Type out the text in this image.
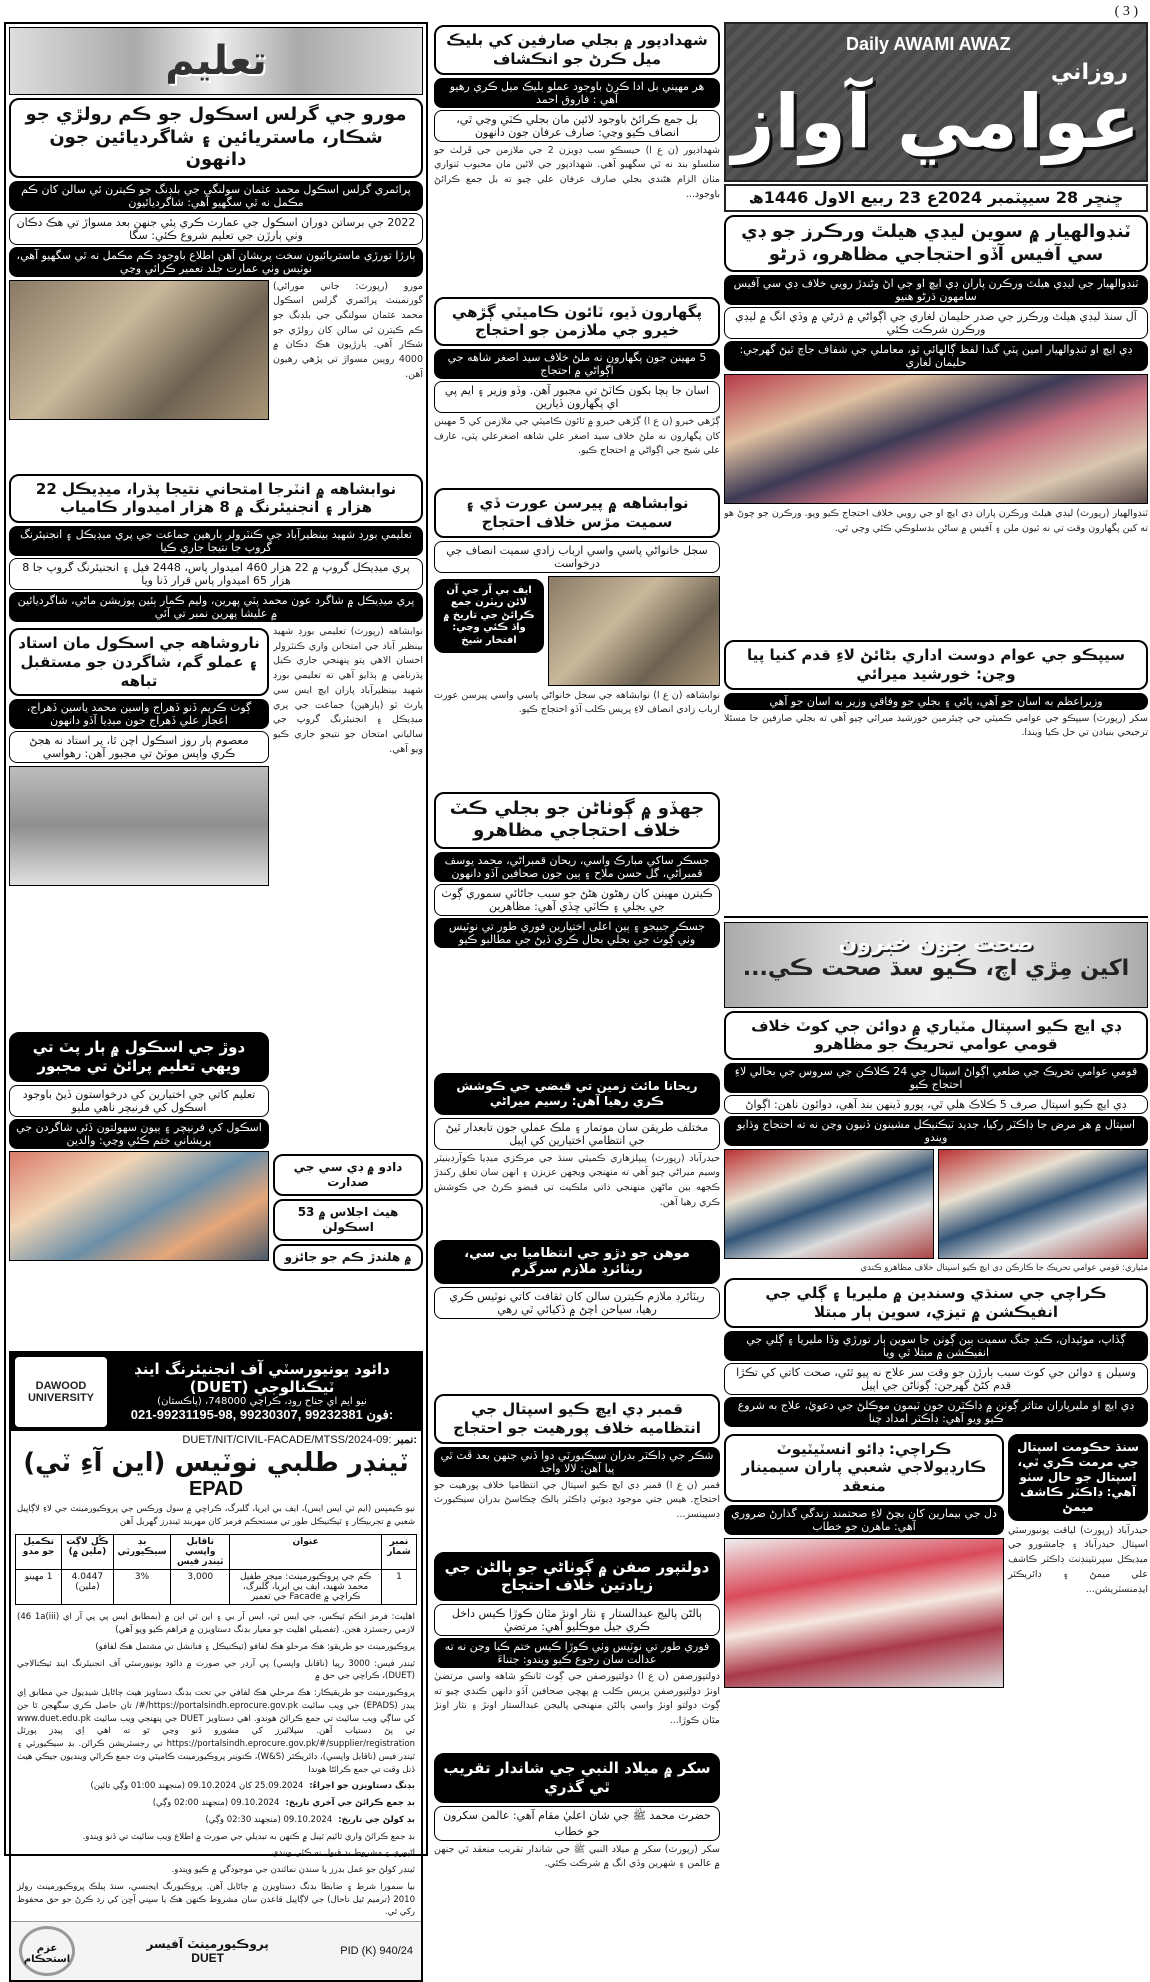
( 3 )
Daily AWAMI AWAZ
روزاني
عوامي آواز
ڇنڇر 28 سيپٽمبر 2024ع 23 ربيع الاول 1446ھ
ٽنڊوالهيار ۾ سوين ليڊي هيلٿ ورڪرز جو ڊي سي آفيس آڏو احتجاجي مظاهرو، ڌرڻو
ٽنڊوالهيار جي ليڊي هيلٿ ورڪرن پاران ڊي ايڇ او جي اڻ وڻندڙ رويي خلاف ڊي سي آفيس سامهون ڌرڻو هنيو
آل سنڌ ليڊي هيلٿ ورڪرز جي صدر حليمان لغاري جي اڳواڻي ۾ ڌرڻي ۾ وڏي انگ ۾ ليڊي ورڪرن شرڪت ڪئي
ڊي ايڇ او ٽنڊوالهيار امين پٽي گندا لفظ ڳالهائي ٿو، معاملي جي شفاف جاچ ٿيڻ گهرجي: حليمان لغاري
ٽنڊوالهيار (رپورٽ) ليڊي هيلٿ ورڪرن پاران ڊي ايڇ او جي رويي خلاف احتجاج ڪيو ويو. ورڪرن جو چوڻ هو ته کين پگهارون وقت تي نه ٿيون ملن ۽ آفيس ۾ ساڻن بدسلوڪي ڪئي وڃي ٿي.
سيپڪو جي عوام دوست اداري بڻائڻ لاءِ قدم کنيا پيا وڃن: خورشيد ميرائي
وزيراعظم به اسان جو آهي، پاڻي ۽ بجلي جو وفاقي وزير به اسان جو آهي
سکر (رپورٽ) سيپڪو جي عوامي ڪميٽي جي چيئرمين خورشيد ميرائي چيو آهي ته بجلي صارفين جا مسئلا ترجيحي بنيادن تي حل ڪيا ويندا.
صحت جون خبرون
اکين مِڙي اچ، ڪيو سڌ صحت ڪي...
ڊي ايڇ ڪيو اسپتال مٽياري ۾ دوائن جي کوٽ خلاف قومي عوامي تحريڪ جو مظاهرو
قومي عوامي تحريڪ جي ضلعي اڳواڻ اسپتال جي 24 ڪلاڪن جي سروس جي بحالي لاءِ احتجاج ڪيو
ڊي ايڇ ڪيو اسپتال صرف 5 ڪلاڪ هلي ٿي، پورو ڏينهن بند آهي، دوائون ناهن: اڳواڻ
اسپتال ۾ هر مرض جا ڊاڪٽر رکيا، جديد ٽيڪنيڪل مشينون ڏنيون وڃن نه ته احتجاج وڌايو ويندو
مٽياري: قومي عوامي تحريڪ جا ڪارڪن ڊي ايڇ ڪيو اسپتال خلاف مظاهرو ڪندي
ڪراچي جي سنڌي وسندين ۾ مليريا ۽ ڳلي جي انفيڪشن ۾ تيزي، سوين ٻار مبتلا
ڳڏاپ، موئيدان، ڪنڊ جنگ سميت ٻين ڳوٺن جا سوين ٻار تورڙي وڏا مليريا ۽ ڳلي جي انفيڪشن ۾ مبتلا ٿي ويا
وسيلن ۽ دوائن جي کوٽ سبب ٻارڙن جو وقت سر علاج نه پيو ٿئي، صحت کاتي کي تڪڙا قدم کڻڻ گهرجن: ڳوٺاڻن جي اپيل
ڊي ايڇ او مليرپاران متاثر ڳوٺن ۾ ڊاڪٽرن جون ٽيمون موڪلڻ جي دعويٰ، علاج به شروع ڪيو ويو آهي: ڊاڪٽر امداد چنا
سنڌ حڪومت اسپتال جي مرمت ڪري ٿي، اسپتال جو حال سٺو آهي: ڊاڪٽر ڪاشف ميمڻ
حيدرآباد (رپورٽ) لياقت يونيورسٽي اسپتال حيدرآباد ۽ ڄامشورو جي ميڊيڪل سپرنٽينڊنٽ ڊاڪٽر ڪاشف علي ميمڻ ۽ ڊائريڪٽر ايڊمنسٽريشن...
ڪراچي: ڊائو انسٽيٽيوٽ ڪارڊيولاجي شعبي پاران سيمينار منعقد
دل جي بيمارين کان بچڻ لاءِ صحتمند زندگي گذارڻ ضروري آهي: ماهرن جو خطاب
شهدادپور ۾ بجلي صارفين کي بليڪ ميل ڪرڻ جو انڪشاف
هر مهيني بل ادا ڪرڻ باوجود عملو بليڪ ميل ڪري رهيو آهي : فاروق احمد
بل جمع ڪرائڻ باوجود لائين مان بجلي ڪٽي وڃي ٿي، انصاف ڪيو وڃي: صارف عرفان جون دانهون
شهدادپور (ن ع ا) حيسڪو سب ڊويزن 2 جي ملازمن جي ڦرلٽ جو سلسلو بند نه ٿي سگهيو آهي. شهدادپور جي لائين مان محبوب ٽنواري مٺان الزام هڻندي بجلي صارف عرفان علي چيو ته بل جمع ڪرائڻ باوجود...
پگهارون ڏيو، ٽائون ڪاميٽي ڳڙهي خيرو جي ملازمن جو احتجاج
5 مهينن جون پگهارون نه ملڻ خلاف سيد اصغر شاهه جي اڳواڻي ۾ احتجاج
اسان جا ٻچا بکون ڪاٽڻ تي مجبور آهن. وڏو وزير ۽ ايم پي اي پگهارون ڏيارين
ڳڙهي خيرو (ن ع ا) ڳڙهي خيرو ۾ ٽائون ڪاميٽي جي ملازمن کي 5 مهينن کان پگهارون نه ملڻ خلاف سيد اصغر علي شاهه اصغرعلي پٽي، عارف علي شيخ جي اڳواڻي ۾ احتجاج ڪيو.
نوابشاهه ۾ پيرسن عورت ڏي ۽ سميت مڙس خلاف احتجاج
سجل خانواڻي پاسي واسي ارباب زادي سميت انصاف جي درخواست
ايف بي آر جي آن لائن ريٽرن جمع ڪرائڻ جي تاريخ ۾ واڌ ڪئي وڃي: افتخار شيخ
نوابشاهه (ن ع ا) نوابشاهه جي سجل خانواڻي پاسي واسي پيرسن عورت ارباب زادي انصاف لاءِ پريس ڪلب آڏو احتجاج ڪيو.
جهڏو ۾ ڳوٺاڻن جو بجلي ڪٽ خلاف احتجاجي مظاهرو
جسڪر ساکي مبارڪ واسي، ريحان قمبراڻي، محمد يوسف قمبراڻي، گل حسن ملاح ۽ ٻين جون صحافين آڏو دانهون
ڪيترن مهينن کان رهڻون هڻڻ جو سبب جاڻائي سموري ڳوٺ جي بجلي ۽ ڪاٽي ڇڏي آهي: مظاهرين
جسڪر جبيجو ۽ ٻين اعلى اختيارين فوري طور تي نوٽيس وٺي ڳوٺ جي بجلي بحال ڪري ڏيڻ جي مطالبو ڪيو
ريحانا مائٽ زمين تي قبضي جي ڪوشش ڪري رهيا آهن: رسيم ميراڻي
مختلف طريقن سان موتمار ۽ ملڪ عملي جون تابعدار ٿيڻ جي انتظامي اختيارين کي اپيل
حيدرآباد (رپورٽ) پيپلزهاري ڪميٽي سنڌ جي مرڪزي ميڊيا ڪوآرڊينيٽر وسيم ميراڻي چيو آهي ته منهنجي ويجهن عزيزن ۽ انهن سان تعلق رکندڙ ڪجهه ٻين ماڻهن منهنجي ذاتي ملڪيت تي قبضو ڪرڻ جي ڪوشش ڪري رهيا آهن.
موهن جو دڙو جي انتظاميا بي سي، ريٽائرڊ ملازم سرگرم
ريٽائرڊ ملازم ڪيترن سالن کان ثقافت کاتي نوٽيس ڪري رهيا، سياحن اچڻ ۾ ڏکيائي ٿي رهي
قمبر ڊي ايڇ ڪيو اسپتال جي انتظاميه خلاف پورهيت جو احتجاج
شڪر جي ڊاڪٽر بدران سيڪيورٽي دوا ڏني جنهن بعد ڦٽ ٿي پيا آهن: لالا واجد
قمبر (ن ع ا) قمبر ڊي ايڇ ڪيو اسپتال جي انتظاميا خلاف پورهيت جو احتجاج. هيس جتي موجود ڊيوٽي ڊاڪٽر ٻالڪ چڪاسڻ بدران سيڪيورٽ ڊسپينسر...
دولتپور صفن ۾ ڳوٺاڻي جو ٻالڻن جي زيادتين خلاف احتجاج
ٻالڻن پاليج عبدالستار ۽ نثار اونڙ مٿان ڪوڙا ڪيس داخل ڪري جيل موڪليو آهي: مرتضيٰ
فوري طور تي نوٽيس وٺي ڪوڙا ڪيس ختم ڪيا وڃن نه ته عدالت سان رجوع ڪيو ويندو: جتناءَ
دولتپورصفن (ن ع ا) دولتپورصفن جي ڳوٺ ٽانڪو شاهه واسي مرتضيٰ اونڙ دولتپورصفن پريس ڪلب ۾ پهچي صحافين آڏو دانهن ڪندي چيو ته ڳوٺ دولتو اونڙ واسي ٻالڻن منهنجي پاليجن عبدالستار اونڙ ۽ نثار اونڙ مٿان ڪوڙا...
سکر ۾ ميلاد النبي جي شاندار تقريب ٿي گذري
حضرت محمد ﷺ جي شان اعليٰ مقام آهي: عالمن سکرون جو خطاب
سکر (رپورٽ) سکر ۾ ميلاد النبي ﷺ جي شاندار تقريب منعقد ٿي جنهن ۾ عالمن ۽ شهرين وڏي انگ ۾ شرڪت ڪئي.
تعليم
مورو جي گرلس اسڪول جو ڪم رولڙي جو شڪار، ماستريائين ۽ شاگرديائين جون دانهون
پرائمري گرلس اسڪول محمد عثمان سولنگي جي بلڊنگ جو ڪيترن ئي سالن کان ڪم مڪمل نه ٿي سگهيو آهي: شاگرديائيون
2022 جي برساتن دوران اسڪول جي عمارت ڪري پئي جنهن بعد مسواڙ تي هڪ دڪان وٺي ٻارڙن جي تعليم شروع ڪئي: سگا
ٻارڙا تورڙي ماستريائيون سخت پريشان آهن اطلاع باوجود ڪم مڪمل نه ٿي سگهيو آهي، نوٽيس وٺي عمارت جلد تعمير ڪرائي وڃي
مورو (رپورٽ: جاني مورائي) گورنمينٽ پرائمري گرلس اسڪول محمد عثمان سولنگي جي بلڊنگ جو ڪم ڪيترن ئي سالن کان رولڙي جو شڪار آهي. ٻارڙيون هڪ دڪان ۾ 4000 روپين مسواڙ تي پڙهي رهيون آهن.
نوابشاهه ۾ انٽرجا امتحاني نتيجا پڌرا، ميڊيڪل 22 هزار ۽ انجنيئرنگ ۾ 8 هزار اميدوار ڪامياب
تعليمي بورڊ شهيد بينظيرآباد جي ڪنٽرولر ٻارهين جماعت جي پري ميڊيڪل ۽ انجنيئرنگ گروپ جا نتيجا جاري ڪيا
پري ميڊيڪل گروپ ۾ 22 هزار 460 اميدوار پاس، 2448 فيل ۽ انجنيئرنگ گروپ جا 8 هزار 65 اميدوار پاس قرار ڏنا ويا
پري ميڊيڪل ۾ شاگرد عون محمد پٽي پهرين، وليم ڪمار ٻئين پوزيشن ماڻي، شاگرديائين ۾ عليشا پهرين نمبر تي آئي
نوابشاهه (رپورٽ) تعليمي بورڊ شهيد بينظير آباد جي امتحانن واري ڪنٽرولر احسان الاهي پتو پنهنجي جاري ڪيل پڌرنامي ۾ ٻڌايو آهي ته تعليمي بورڊ شهيد بينظيرآباد پاران ايڇ ايس سي پارٽ ٽو (ٻارهين) جماعت جي پري ميڊيڪل ۽ انجنيئرنگ گروپ جي سالياني امتحان جو نتيجو جاري ڪيو ويو آهي.
ناروشاهه جي اسڪول مان استاد ۽ عملو گم، شاگردن جو مستقبل تباهه
ڳوٺ ڪريم ڏنو ڏهراج واسين محمد ياسين ڏهراج، اعجاز علي ڏهراج جون ميڊيا آڏو دانهون
معصوم ٻار روز اسڪول اچن ٿا، پر استاد نه هجڻ ڪري واپس موٽڻ تي مجبور آهن: رهواسي
دوڙ جي اسڪول ۾ ٻار پٽ تي ويهي تعليم پرائڻ تي مجبور
تعليم کاتي جي اختيارين کي درخواستون ڏيڻ باوجود اسڪول کي فرنيچر ناهي مليو
اسڪول کي فرنيچر ۽ ٻيون سهولتون ڏئي شاگردن جي پريشاني ختم ڪئي وڃي: والدين
دادو ۾ ڊي سي جي صدارت
هيٺ اجلاس ۾ 53 اسڪولن
۾ هلندڙ ڪم جو جائزو
DAWOOD UNIVERSITY
دائود يونيورسٽي آف انجنيئرنگ اينڊ ٽيڪنالوجي (DUET)
نيو ايم اي جناح روڊ، ڪراچي 748000، (پاڪستان)
021-99231195-98, 99230307, 99232381 فون:
DUET/NIT/CIVIL-FACADE/MTSS/2024-09: نمبر:
ٽينڊر طلبي نوٽيس (اين آءِ ٽي)
EPAD
نيو ڪيمپس (ايم ٽي ايس ايس)، ايف بي ايريا، گلبرگ، ڪراچي ۾ سول ورڪس جي پروڪيورمينٽ جي لاءِ لاڳاپيل شعبي ۾ تجربيڪار ۽ ٽيڪنيڪل طور تي مستحڪم فرمز کان مهربند ٽينڊرز گهربل آهن
نمبر شمار	عنوان	ناقابل واپسي ٽينڊر فيس	بڊ سيڪيورٽي	ڪُل لاڳت (ملين ۾)	تڪميل جو مدو
1	ڪم جي پروڪيورمينٽ: ميجر طفيل محمد شهيد، ايف بي ايريا، گلبرگ، ڪراچي ۾ Facade جي تعمير	3,000	3%	4.0447 (ملين)	1 مهينو
اهليت: فرمز انڪم ٽيڪس، جي ايس ٽي، ايس آر بي ۽ اين ٽي اين ۾ (بمطابق ايس پي پي آر اي (iii)46 1a) لازمي رجسٽرڊ هجن. (تفصيلي اهليت جو معيار بڊنگ دستاويزن ۾ فراهم ڪيو ويو آهي)
پروڪيورمينٽ جو طريقو: هڪ مرحلو هڪ لفافو (ٽيڪنيڪل ۽ فنانشل تي مشتمل هڪ لفافو)
ٽينڊر فيس: 3000 رپيا (ناقابل واپسي) پي آرڊر جي صورت ۾ دائود يونيورسٽي آف انجنيئرنگ اينڊ ٽيڪنالاجي (DUET)، ڪراچي جي حق ۾
پروڪيورمينٽ جو طريقيڪار: هڪ مرحلي هڪ لفافي جي تحت بڊنگ دستاويز هيٺ ڄاڻايل شيڊيول جي مطابق اِي پيڊز (EPADS) جي ويب سائيٽ https://portalsindh.eprocure.gov.pk/#/ تان حاصل ڪري سگهجن ٿا جن کي ساڳي ويب سائيٽ تي جمع ڪرائڻ هوندو. اهي دستاويز DUET جي پنهنجي ويب سائيٽ www.duet.edu.pk تي پڻ دستياب آهن. سپلائيرز کي مشورو ڏنو وڃي ٿو ته اهي اِي پيڊز پورٽل https://portalsindh.eprocure.gov.pk/#/supplier/registration تي رجسٽريشن ڪرائن. بڊ سيڪيورٽي ۽ ٽينڊر فيس (ناقابل واپسي)، ڊائريڪٽر (W&S)، ڪنوينر پروڪيورمينٽ ڪاميٽي وٽ جمع ڪرائي وينديون جيڪي هيٺ ڏنل وقت تي جمع ڪرائڻا هوندا
بڊنگ دستاويزن جو اجراءُ:
25.09.2024 کان 09.10.2024 (منجهند 01:00 وڳي تائين)
بڊ جمع ڪرائڻ جي آخري تاريخ:
09.10.2024 (منجهند 02:00 وڳي)
بڊ کولڻ جي تاريخ:
09.10.2024 (منجهند 02:30 وڳي)
بڊ جمع ڪرائڻ واري ٽائيم ٽيبل ۾ ڪنهن به تبديلي جي صورت ۾ اطلاع ويب سائيٽ تي ڏنو ويندو.
اڻپوري ۽ مشروط بڊ قبول نه ڪئي ويندي.
ٽينڊر کولڻ جو عمل بڊرز يا سندن نمائندن جي موجودگي ۾ ڪيو ويندو.
بيا سمورا شرط ۽ ضابطا بڊنگ دستاويزن ۾ ڄاڻايل آهن. پروڪيورنگ ايجنسي، سنڌ پبلڪ پروڪيورمينٽ رولز 2010 (ترميم ٿيل تاحال) جي لاڳاپيل قاعدن سان مشروط ڪنهن هڪ يا سڀني آڇن کي رد ڪرڻ جو حق محفوظ رکي ٿي.
عزم استحڪام
پروڪيورمينٽ آفيسر
DUET	PID (K) 940/24
